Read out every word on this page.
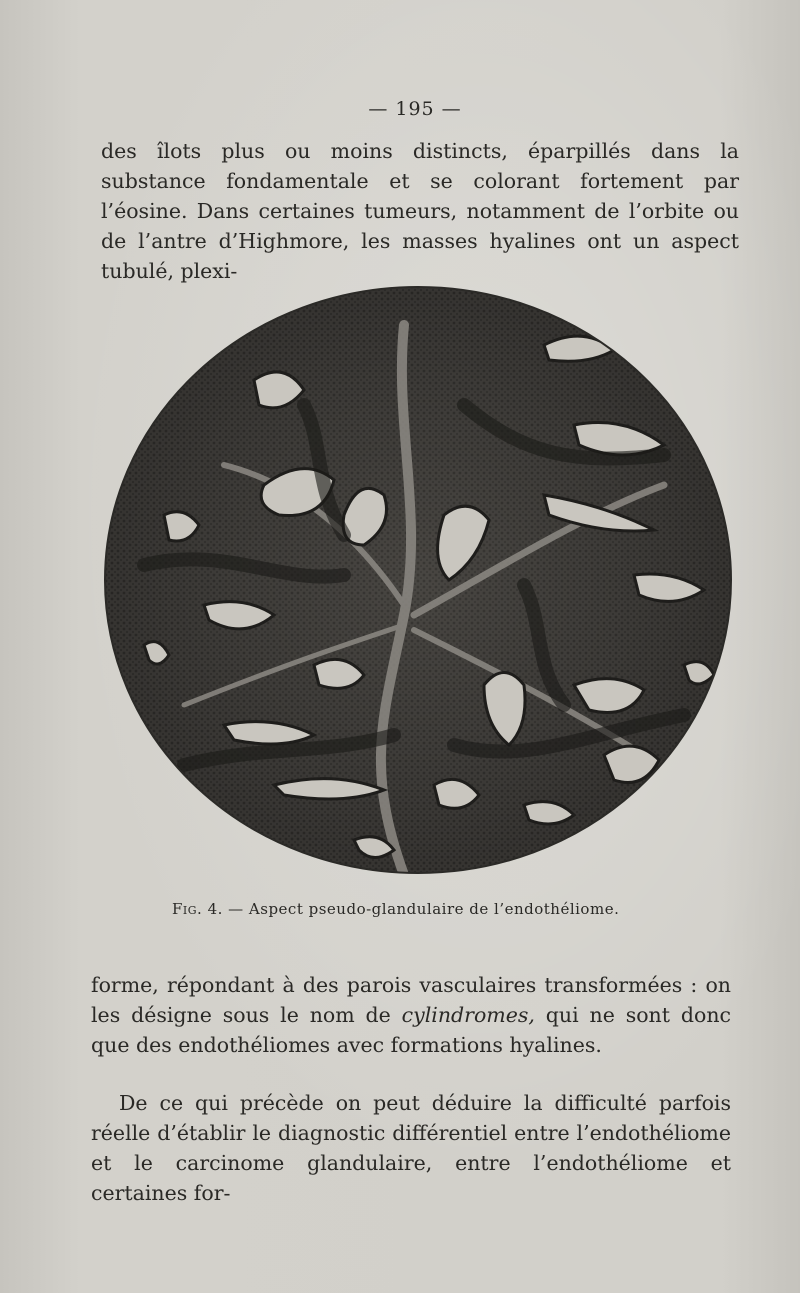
— 195 —

des îlots plus ou moins distincts, éparpillés dans la substance fondamentale et se colorant fortement par l’éosine. Dans certaines tumeurs, notamment de l’orbite ou de l’antre d’Highmore, les masses hyalines ont un aspect tubulé, plexi-

Fig. 4. — Aspect pseudo-glandulaire de l’endothéliome.

forme, répondant à des parois vasculaires transformées : on les désigne sous le nom de cylindromes, qui ne sont donc que des endothéliomes avec formations hyalines.

De ce qui précède on peut déduire la difficulté parfois réelle d’établir le diagnostic différentiel entre l’endothéliome et le carcinome glandulaire, entre l’endothéliome et certaines for-
